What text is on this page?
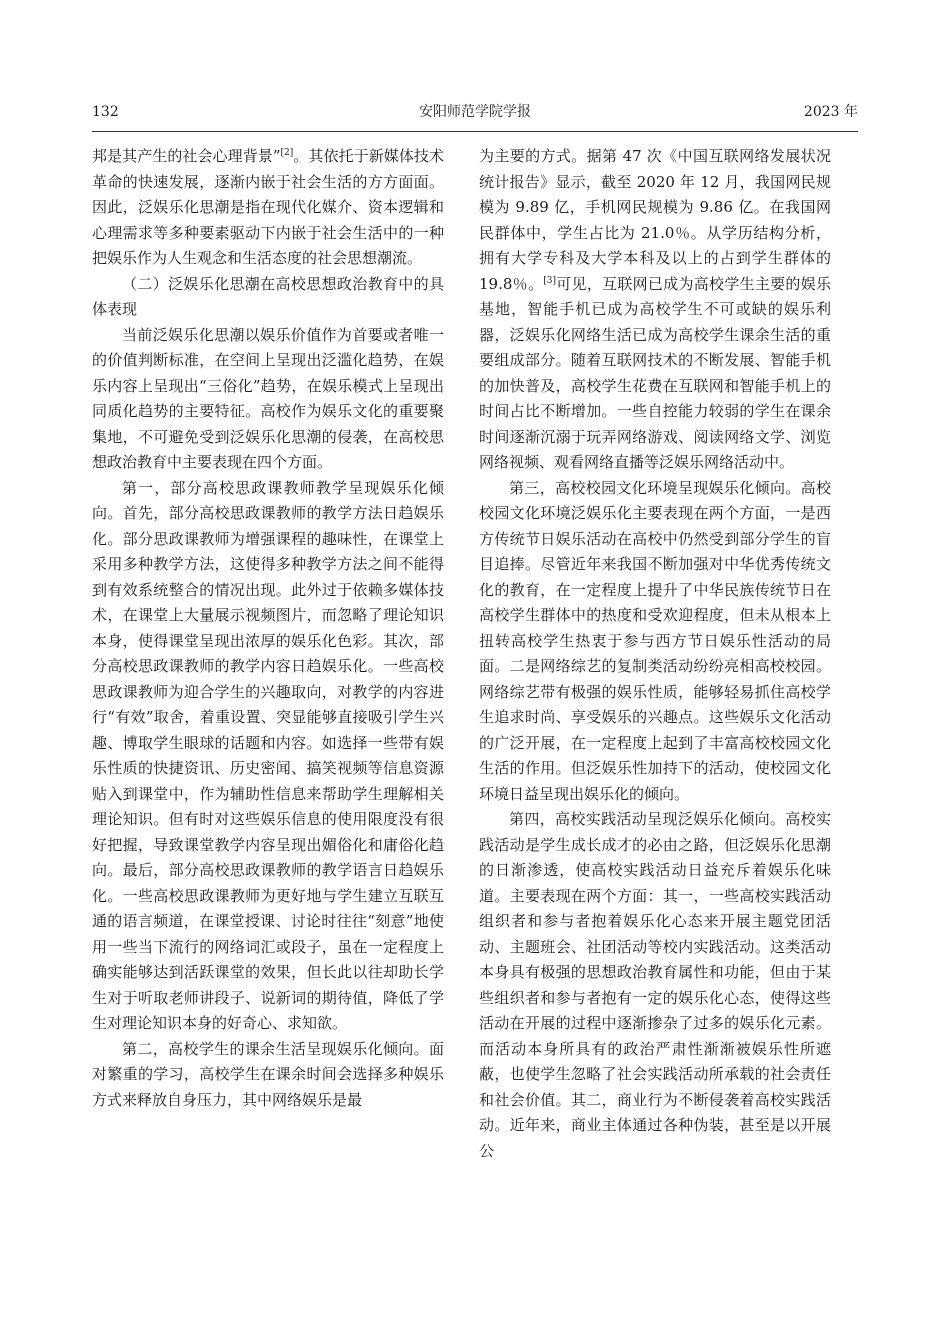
132	安阳师范学院学报	2023 年

邦是其产生的社会心理背景”[2]。其依托于新媒体技术革命的快速发展，逐渐内嵌于社会生活的方方面面。因此，泛娱乐化思潮是指在现代化媒介、资本逻辑和心理需求等多种要素驱动下内嵌于社会生活中的一种把娱乐作为人生观念和生活态度的社会思想潮流。

（二）泛娱乐化思潮在高校思想政治教育中的具体表现

当前泛娱乐化思潮以娱乐价值作为首要或者唯一的价值判断标准，在空间上呈现出泛滥化趋势，在娱乐内容上呈现出“三俗化”趋势，在娱乐模式上呈现出同质化趋势的主要特征。高校作为娱乐文化的重要聚集地，不可避免受到泛娱乐化思潮的侵袭，在高校思想政治教育中主要表现在四个方面。

第一，部分高校思政课教师教学呈现娱乐化倾向。首先，部分高校思政课教师的教学方法日趋娱乐化。部分思政课教师为增强课程的趣味性，在课堂上采用多种教学方法，这使得多种教学方法之间不能得到有效系统整合的情况出现。此外过于依赖多媒体技术，在课堂上大量展示视频图片，而忽略了理论知识本身，使得课堂呈现出浓厚的娱乐化色彩。其次，部分高校思政课教师的教学内容日趋娱乐化。一些高校思政课教师为迎合学生的兴趣取向，对教学的内容进行“有效”取舍，着重设置、突显能够直接吸引学生兴趣、博取学生眼球的话题和内容。如选择一些带有娱乐性质的快捷资讯、历史密闻、搞笑视频等信息资源贴入到课堂中，作为辅助性信息来帮助学生理解相关理论知识。但有时对这些娱乐信息的使用限度没有很好把握，导致课堂教学内容呈现出媚俗化和庸俗化趋向。最后，部分高校思政课教师的教学语言日趋娱乐化。一些高校思政课教师为更好地与学生建立互联互通的语言频道，在课堂授课、讨论时往往“刻意”地使用一些当下流行的网络词汇或段子，虽在一定程度上确实能够达到活跃课堂的效果，但长此以往却助长学生对于听取老师讲段子、说新词的期待值，降低了学生对理论知识本身的好奇心、求知欲。

第二，高校学生的课余生活呈现娱乐化倾向。面对繁重的学习，高校学生在课余时间会选择多种娱乐方式来释放自身压力，其中网络娱乐是最

为主要的方式。据第 47 次《中国互联网络发展状况统计报告》显示，截至 2020 年 12 月，我国网民规模为 9.89 亿，手机网民规模为 9.86 亿。在我国网民群体中，学生占比为 21.0％。从学历结构分析，拥有大学专科及大学本科及以上的占到学生群体的 19.8％。[3]可见，互联网已成为高校学生主要的娱乐基地，智能手机已成为高校学生不可或缺的娱乐利器，泛娱乐化网络生活已成为高校学生课余生活的重要组成部分。随着互联网技术的不断发展、智能手机的加快普及，高校学生花费在互联网和智能手机上的时间占比不断增加。一些自控能力较弱的学生在课余时间逐渐沉溺于玩弄网络游戏、阅读网络文学、浏览网络视频、观看网络直播等泛娱乐网络活动中。

第三，高校校园文化环境呈现娱乐化倾向。高校校园文化环境泛娱乐化主要表现在两个方面，一是西方传统节日娱乐活动在高校中仍然受到部分学生的盲目追捧。尽管近年来我国不断加强对中华优秀传统文化的教育，在一定程度上提升了中华民族传统节日在高校学生群体中的热度和受欢迎程度，但未从根本上扭转高校学生热衷于参与西方节日娱乐性活动的局面。二是网络综艺的复制类活动纷纷亮相高校校园。网络综艺带有极强的娱乐性质，能够轻易抓住高校学生追求时尚、享受娱乐的兴趣点。这些娱乐文化活动的广泛开展，在一定程度上起到了丰富高校校园文化生活的作用。但泛娱乐性加持下的活动，使校园文化环境日益呈现出娱乐化的倾向。

第四，高校实践活动呈现泛娱乐化倾向。高校实践活动是学生成长成才的必由之路，但泛娱乐化思潮的日渐渗透，使高校实践活动日益充斥着娱乐化味道。主要表现在两个方面：其一，一些高校实践活动组织者和参与者抱着娱乐化心态来开展主题党团活动、主题班会、社团活动等校内实践活动。这类活动本身具有极强的思想政治教育属性和功能，但由于某些组织者和参与者抱有一定的娱乐化心态，使得这些活动在开展的过程中逐渐掺杂了过多的娱乐化元素。而活动本身所具有的政治严肃性渐渐被娱乐性所遮蔽，也使学生忽略了社会实践活动所承载的社会责任和社会价值。其二，商业行为不断侵袭着高校实践活动。近年来，商业主体通过各种伪装，甚至是以开展公
